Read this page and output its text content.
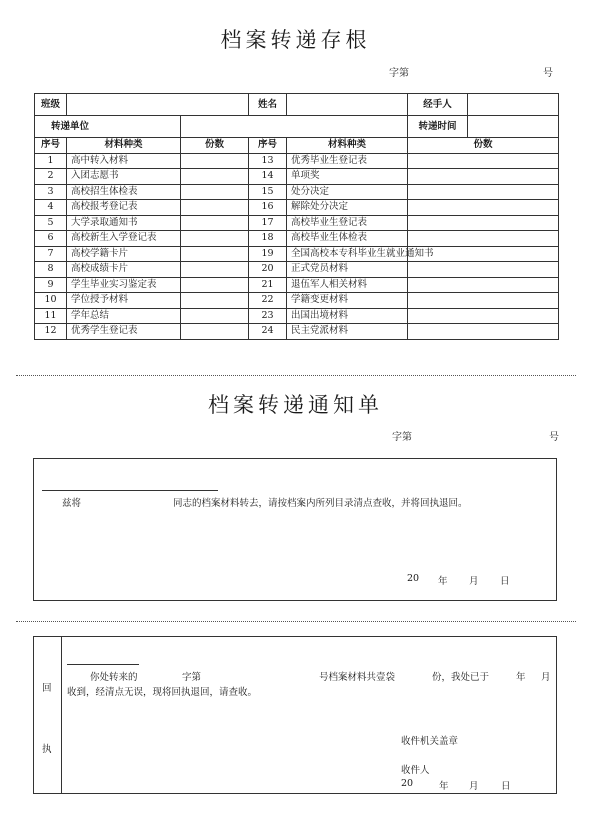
档案转递存根
字第	号
班级			姓名		经手人	
转递单位					转递时间	
序号	材料种类	份数	序号	材料种类	份数	
1	高中转入材料		13	优秀毕业生登记表		
2	入团志愿书		14	单项奖		
3	高校招生体检表		15	处分决定		
4	高校报考登记表		16	解除处分决定		
5	大学录取通知书		17	高校毕业生登记表		
6	高校新生入学登记表		18	高校毕业生体检表		
7	高校学籍卡片		19	全国高校本专科毕业生就业通知书		
8	高校成绩卡片		20	正式党员材料		
9	学生毕业实习鉴定表		21	退伍军人相关材料		
10	学位授予材料		22	学籍变更材料		
11	学年总结		23	出国出境材料		
12	优秀学生登记表		24	民主党派材料		
档案转递通知单
字第	号
兹将	同志的档案材料转去，请按档案内所列目录清点查收，并将回执退回。
20 年 月 日
回
执
你处转来的	字第	号档案材料共壹袋	份，我处已于	年 月
收到，经清点无误，现将回执退回，请查收。
收件机关盖章
收件人
20	年 月 日
